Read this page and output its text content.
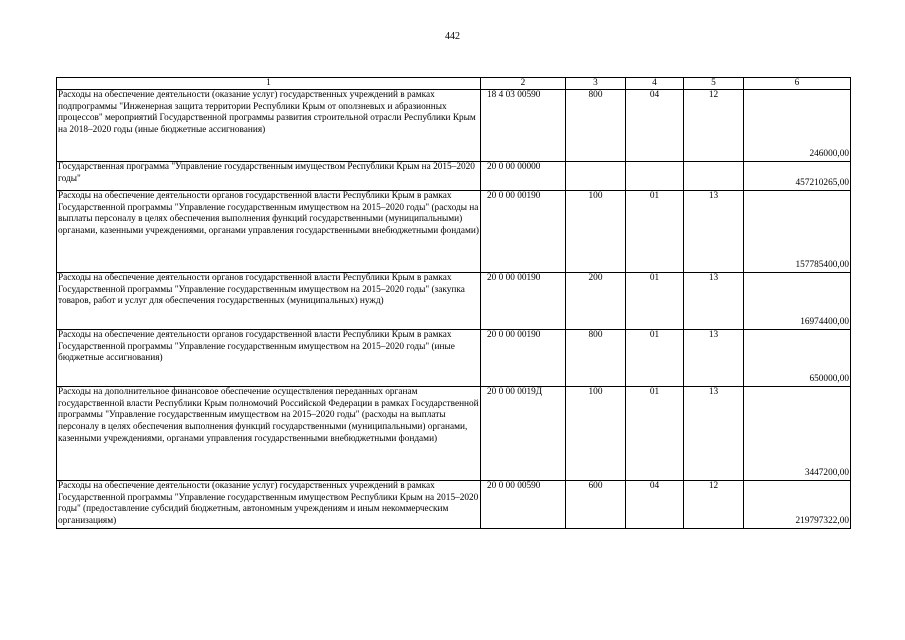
442
1	2	3	4	5	6
Расходы на обеспечение деятельности (оказание услуг) государственных учреждений в рамках подпрограммы "Инженерная защита территории Республики Крым от оползневых и абразионных процессов" мероприятий Государственной программы развития строительной отрасли Республики Крым на 2018–2020 годы (иные бюджетные ассигнования)	18 4 03 00590	800	04	12	246000,00
Государственная программа "Управление государственным имуществом Республики Крым на 2015–2020 годы"	20 0 00 00000				457210265,00
Расходы на обеспечение деятельности органов государственной власти Республики Крым в рамках Государственной программы "Управление государственным имуществом на 2015–2020 годы" (расходы на выплаты персоналу в целях обеспечения выполнения функций государственными (муниципальными) органами, казенными учреждениями, органами управления государственными внебюджетными фондами)	20 0 00 00190	100	01	13	157785400,00
Расходы на обеспечение деятельности органов государственной власти Республики Крым в рамках Государственной программы "Управление государственным имуществом на 2015–2020 годы" (закупка товаров, работ и услуг для обеспечения государственных (муниципальных) нужд)	20 0 00 00190	200	01	13	16974400,00
Расходы на обеспечение деятельности органов государственной власти Республики Крым в рамках Государственной программы "Управление государственным имуществом на 2015–2020 годы" (иные бюджетные ассигнования)	20 0 00 00190	800	01	13	650000,00
Расходы на дополнительное финансовое обеспечение осуществления переданных органам государственной власти Республики Крым полномочий Российской Федерации в рамках Государственной программы "Управление государственным имуществом на 2015–2020 годы" (расходы на выплаты персоналу в целях обеспечения выполнения функций государственными (муниципальными) органами, казенными учреждениями, органами управления государственными внебюджетными фондами)	20 0 00 0019Д	100	01	13	3447200,00
Расходы на обеспечение деятельности (оказание услуг) государственных учреждений в рамках Государственной программы "Управление государственным имуществом Республики Крым на 2015–2020 годы" (предоставление субсидий бюджетным, автономным учреждениям и иным некоммерческим организациям)	20 0 00 00590	600	04	12	219797322,00
